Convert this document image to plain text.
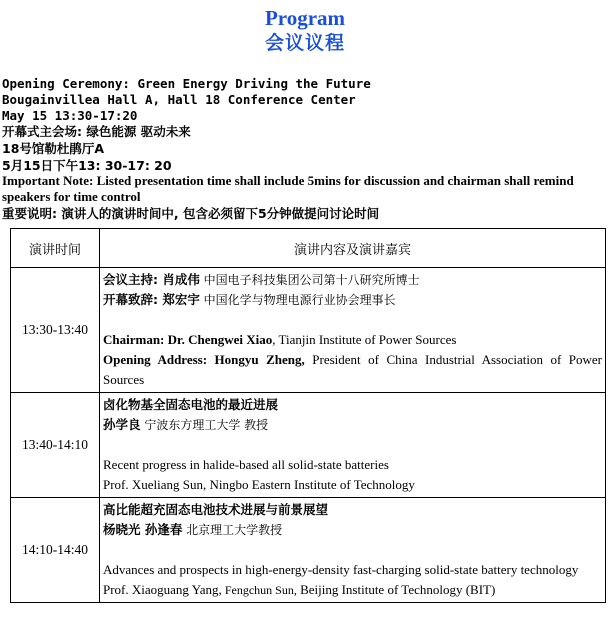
Program
会议议程
Opening Ceremony: Green Energy Driving the Future
Bougainvillea Hall A, Hall 18 Conference Center
May 15 13:30-17:20
开幕式主会场: 绿色能源 驱动未来
18号馆勒杜鹃厅A
5月15日下午13: 30-17: 20
Important Note: Listed presentation time shall include 5mins for discussion and chairman shall remind speakers for time control
重要说明: 演讲人的演讲时间中, 包含必须留下5分钟做提问讨论时间
演讲时间	演讲内容及演讲嘉宾
13:30-13:40	会议主持: 肖成伟 中国电子科技集团公司第十八研究所博士
开幕致辞: 郑宏宇 中国化学与物理电源行业协会理事长
Chairman: Dr. Chengwei Xiao, Tianjin Institute of Power Sources
Opening Address: Hongyu Zheng, President of China Industrial Association of Power Sources

13:40-14:10	卤化物基全固态电池的最近进展
孙学良 宁波东方理工大学 教授
Recent progress in halide-based all solid-state batteries
Prof. Xueliang Sun, Ningbo Eastern Institute of Technology

14:10-14:40	高比能超充固态电池技术进展与前景展望
杨晓光 孙逢春 北京理工大学教授
Advances and prospects in high-energy-density fast-charging solid-state battery technology
Prof. Xiaoguang Yang, Fengchun Sun, Beijing Institute of Technology (BIT)
